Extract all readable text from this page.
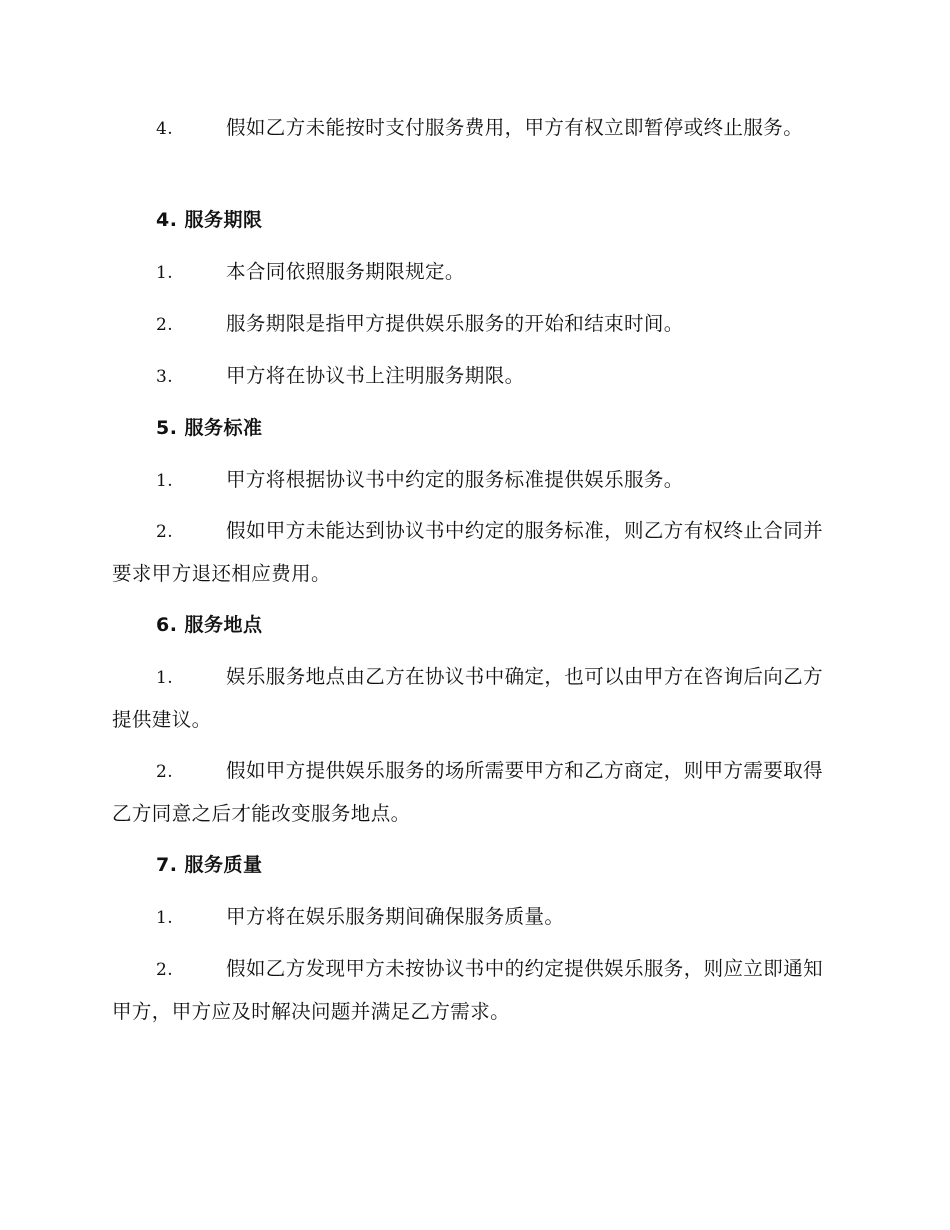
4.	假如乙方未能按时支付服务费用，甲方有权立即暂停或终止服务。
4. 服务期限
1.	本合同依照服务期限规定。
2.	服务期限是指甲方提供娱乐服务的开始和结束时间。
3.	甲方将在协议书上注明服务期限。
5. 服务标准
1.	甲方将根据协议书中约定的服务标准提供娱乐服务。
2.	假如甲方未能达到协议书中约定的服务标准，则乙方有权终止合同并要求甲方退还相应费用。
6. 服务地点
1.	娱乐服务地点由乙方在协议书中确定，也可以由甲方在咨询后向乙方提供建议。
2.	假如甲方提供娱乐服务的场所需要甲方和乙方商定，则甲方需要取得乙方同意之后才能改变服务地点。
7. 服务质量
1.	甲方将在娱乐服务期间确保服务质量。
2.	假如乙方发现甲方未按协议书中的约定提供娱乐服务，则应立即通知甲方，甲方应及时解决问题并满足乙方需求。
